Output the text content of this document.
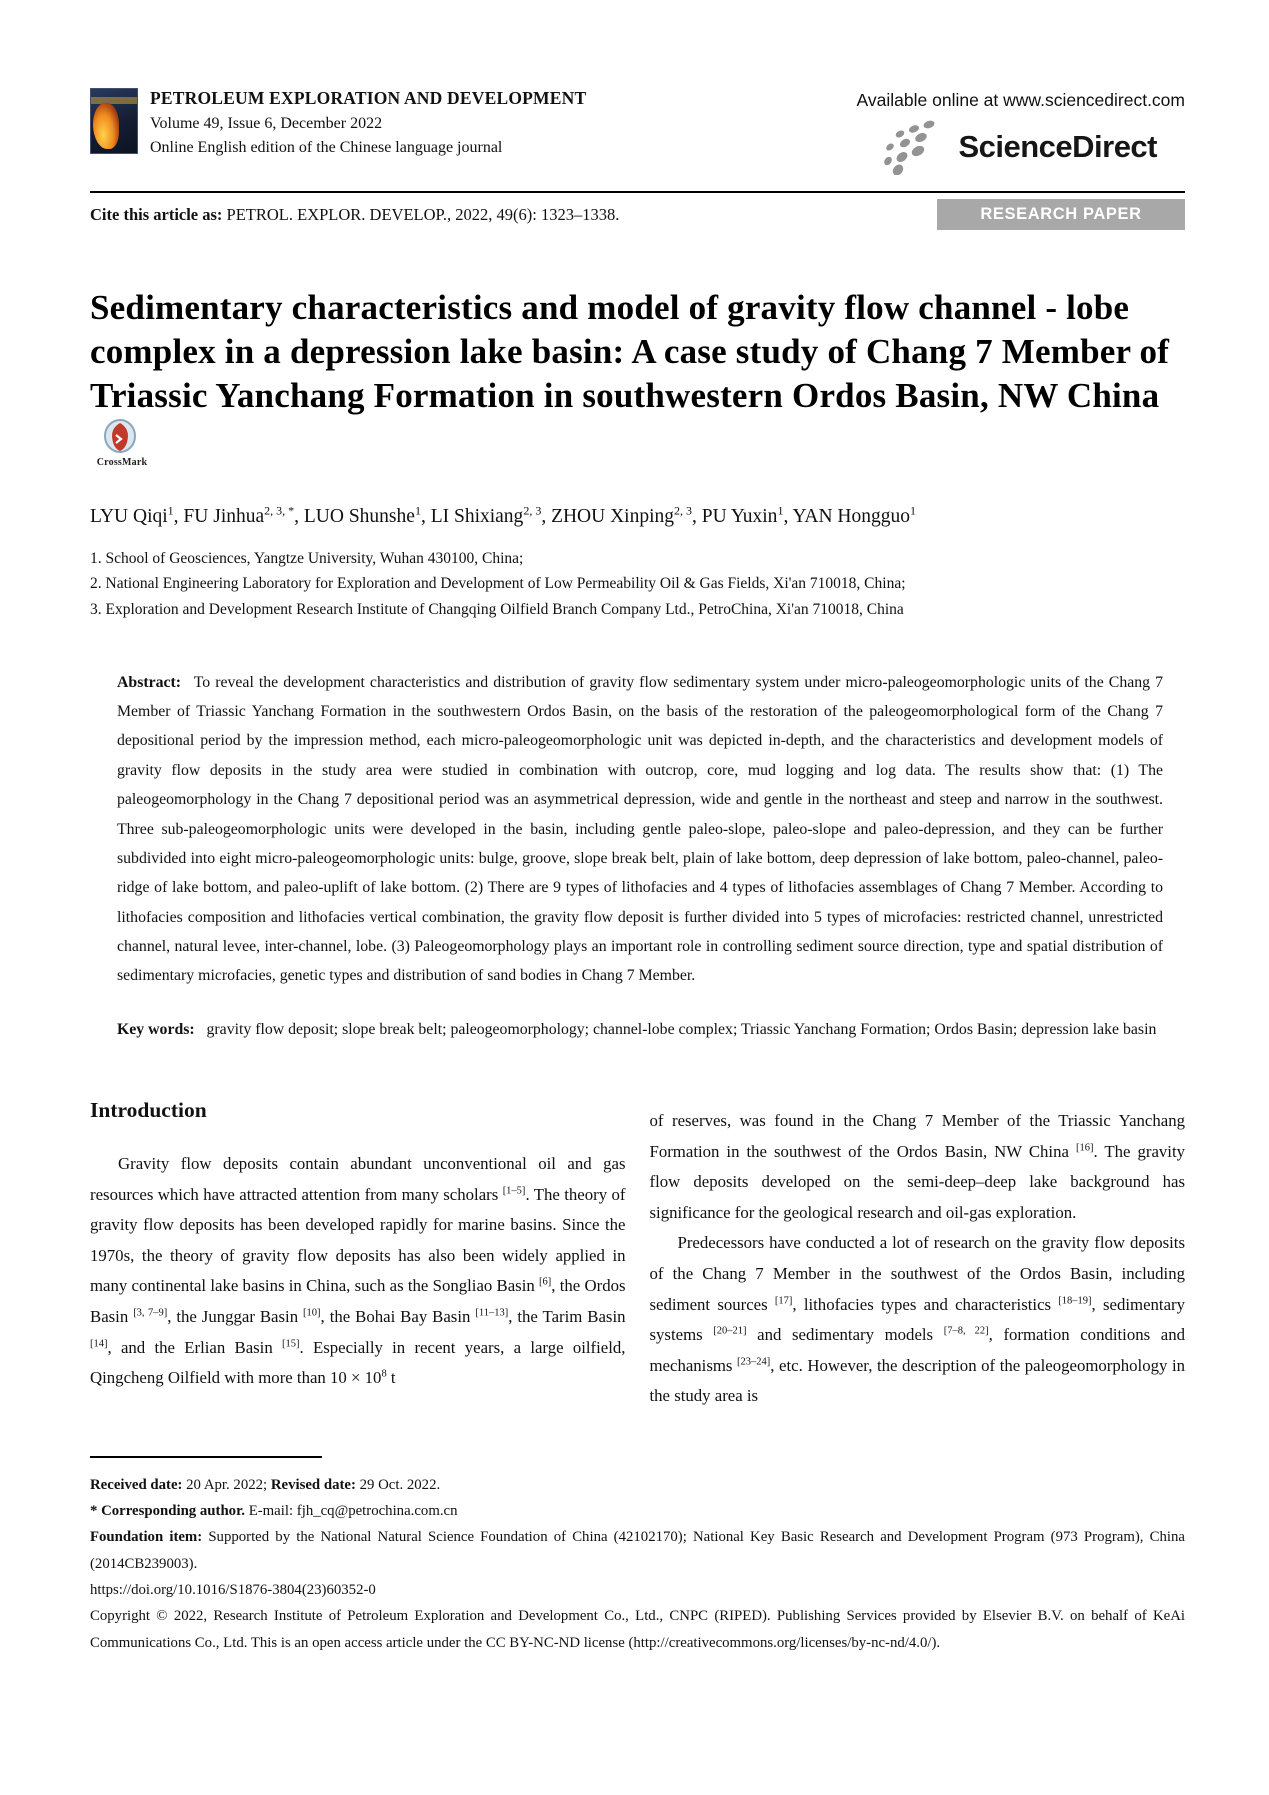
PETROLEUM EXPLORATION AND DEVELOPMENT
Volume 49, Issue 6, December 2022
Online English edition of the Chinese language journal
Available online at www.sciencedirect.com
ScienceDirect
Cite this article as: PETROL. EXPLOR. DEVELOP., 2022, 49(6): 1323–1338.	RESEARCH PAPER
Sedimentary characteristics and model of gravity flow channel - lobe complex in a depression lake basin: A case study of Chang 7 Member of Triassic Yanchang Formation in southwestern Ordos Basin, NW China
CrossMark
LYU Qiqi$^1$, FU Jinhua$^{2, 3, *}$, LUO Shunshe$^1$, LI Shixiang$^{2, 3}$, ZHOU Xinping$^{2, 3}$, PU Yuxin$^1$, YAN Hongguo$^1$
1. School of Geosciences, Yangtze University, Wuhan 430100, China;
2. National Engineering Laboratory for Exploration and Development of Low Permeability Oil & Gas Fields, Xi'an 710018, China;
3. Exploration and Development Research Institute of Changqing Oilfield Branch Company Ltd., PetroChina, Xi'an 710018, China
Abstract:  To reveal the development characteristics and distribution of gravity flow sedimentary system under micro-paleogeomorphologic units of the Chang 7 Member of Triassic Yanchang Formation in the southwestern Ordos Basin, on the basis of the restoration of the paleogeomorphological form of the Chang 7 depositional period by the impression method, each micro-paleogeomorphologic unit was depicted in-depth, and the characteristics and development models of gravity flow deposits in the study area were studied in combination with outcrop, core, mud logging and log data. The results show that: (1) The paleogeomorphology in the Chang 7 depositional period was an asymmetrical depression, wide and gentle in the northeast and steep and narrow in the southwest. Three sub-paleogeomorphologic units were developed in the basin, including gentle paleo-slope, paleo-slope and paleo-depression, and they can be further subdivided into eight micro-paleogeomorphologic units: bulge, groove, slope break belt, plain of lake bottom, deep depression of lake bottom, paleo-channel, paleo-ridge of lake bottom, and paleo-uplift of lake bottom. (2) There are 9 types of lithofacies and 4 types of lithofacies assemblages of Chang 7 Member. According to lithofacies composition and lithofacies vertical combination, the gravity flow deposit is further divided into 5 types of microfacies: restricted channel, unrestricted channel, natural levee, inter-channel, lobe. (3) Paleogeomorphology plays an important role in controlling sediment source direction, type and spatial distribution of sedimentary microfacies, genetic types and distribution of sand bodies in Chang 7 Member.
Key words:  gravity flow deposit; slope break belt; paleogeomorphology; channel-lobe complex; Triassic Yanchang Formation; Ordos Basin; depression lake basin
Introduction

Gravity flow deposits contain abundant unconventional oil and gas resources which have attracted attention from many scholars [1–5]. The theory of gravity flow deposits has been developed rapidly for marine basins. Since the 1970s, the theory of gravity flow deposits has also been widely applied in many continental lake basins in China, such as the Songliao Basin [6], the Ordos Basin [3, 7–9], the Junggar Basin [10], the Bohai Bay Basin [11–13], the Tarim Basin [14], and the Erlian Basin [15]. Especially in recent years, a large oilfield, Qingcheng Oilfield with more than $10 \times 10^8$ t

of reserves, was found in the Chang 7 Member of the Triassic Yanchang Formation in the southwest of the Ordos Basin, NW China [16]. The gravity flow deposits developed on the semi-deep–deep lake background has significance for the geological research and oil-gas exploration.

Predecessors have conducted a lot of research on the gravity flow deposits of the Chang 7 Member in the southwest of the Ordos Basin, including sediment sources [17], lithofacies types and characteristics [18–19], sedimentary systems [20–21] and sedimentary models [7–8, 22], formation conditions and mechanisms [23–24], etc. However, the description of the paleogeomorphology in the study area is

Received date: 20 Apr. 2022; Revised date: 29 Oct. 2022.
* Corresponding author. E-mail: fjh_cq@petrochina.com.cn
Foundation item: Supported by the National Natural Science Foundation of China (42102170); National Key Basic Research and Development Program (973 Program), China (2014CB239003).
https://doi.org/10.1016/S1876-3804(23)60352-0
Copyright © 2022, Research Institute of Petroleum Exploration and Development Co., Ltd., CNPC (RIPED). Publishing Services provided by Elsevier B.V. on behalf of KeAi Communications Co., Ltd. This is an open access article under the CC BY-NC-ND license (http://creativecommons.org/licenses/by-nc-nd/4.0/).
